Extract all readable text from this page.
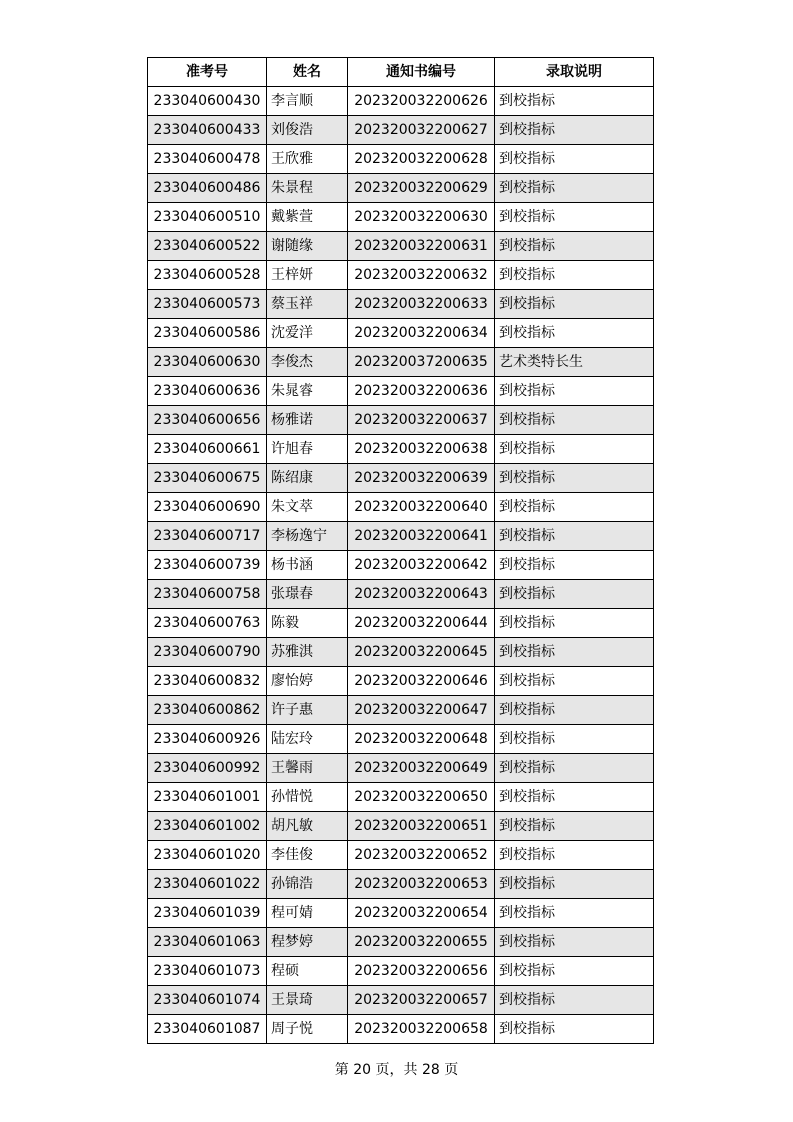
准考号	姓名	通知书编号	录取说明
233040600430	李言顺	202320032200626	到校指标
233040600433	刘俊浩	202320032200627	到校指标
233040600478	王欣雅	202320032200628	到校指标
233040600486	朱景程	202320032200629	到校指标
233040600510	戴紫萱	202320032200630	到校指标
233040600522	谢随缘	202320032200631	到校指标
233040600528	王梓妍	202320032200632	到校指标
233040600573	蔡玉祥	202320032200633	到校指标
233040600586	沈爱洋	202320032200634	到校指标
233040600630	李俊杰	202320037200635	艺术类特长生
233040600636	朱晁睿	202320032200636	到校指标
233040600656	杨雅诺	202320032200637	到校指标
233040600661	许旭春	202320032200638	到校指标
233040600675	陈绍康	202320032200639	到校指标
233040600690	朱文萃	202320032200640	到校指标
233040600717	李杨逸宁	202320032200641	到校指标
233040600739	杨书涵	202320032200642	到校指标
233040600758	张璟春	202320032200643	到校指标
233040600763	陈毅	202320032200644	到校指标
233040600790	苏雅淇	202320032200645	到校指标
233040600832	廖怡婷	202320032200646	到校指标
233040600862	许子惠	202320032200647	到校指标
233040600926	陆宏玲	202320032200648	到校指标
233040600992	王馨雨	202320032200649	到校指标
233040601001	孙惜悦	202320032200650	到校指标
233040601002	胡凡敏	202320032200651	到校指标
233040601020	李佳俊	202320032200652	到校指标
233040601022	孙锦浩	202320032200653	到校指标
233040601039	程可婧	202320032200654	到校指标
233040601063	程梦婷	202320032200655	到校指标
233040601073	程硕	202320032200656	到校指标
233040601074	王景琦	202320032200657	到校指标
233040601087	周子悦	202320032200658	到校指标
第 20 页，共 28 页
